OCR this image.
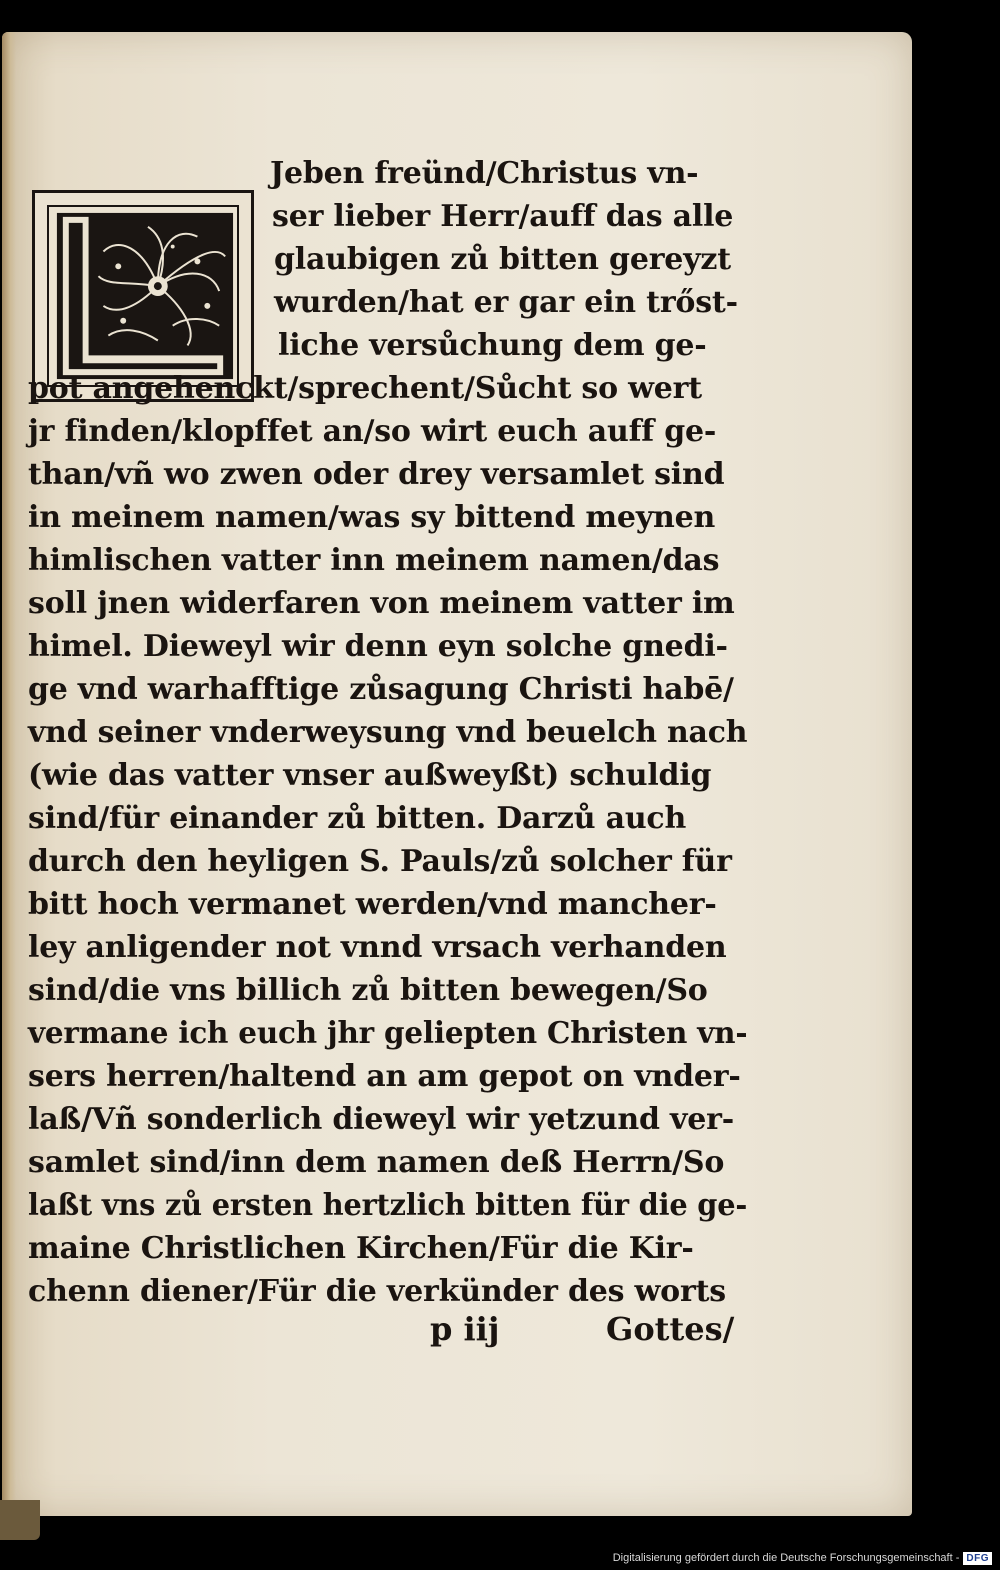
Jeben freünd/Christus vn-

ser lieber Herr/auff das alle

glaubigen zů bitten gereyzt

wurden/hat er gar ein trőst-

liche versůchung dem ge-

pot angehenckt/sprechent/Sůcht so wert

jr finden/klopffet an/so wirt euch auff ge-

than/vñ wo zwen oder drey versamlet sind

in meinem namen/was sy bittend meynen

himlischen vatter inn meinem namen/das

soll jnen widerfaren von meinem vatter im

himel. Dieweyl wir denn eyn solche gnedi-

ge vnd warhafftige zůsagung Christi habē/

vnd seiner vnderweysung vnd beuelch nach

(wie das vatter vnser außweyßt) schuldig

sind/für einander zů bitten. Darzů auch

durch den heyligen S. Pauls/zů solcher für

bitt hoch vermanet werden/vnd mancher-

ley anligender not vnnd vrsach verhanden

sind/die vns billich zů bitten bewegen/So

vermane ich euch jhr geliepten Christen vn-

sers herren/haltend an am gepot on vnder-

laß/Vñ sonderlich dieweyl wir yetzund ver-

samlet sind/inn dem namen deß Herrn/So

laßt vns zů ersten hertzlich bitten für die ge-

maine Christlichen Kirchen/Für die Kir-

chenn diener/Für die verkünder des worts

p iij	Gottes/
Digitalisierung gefördert durch die Deutsche Forschungsgemeinschaft - DFG
